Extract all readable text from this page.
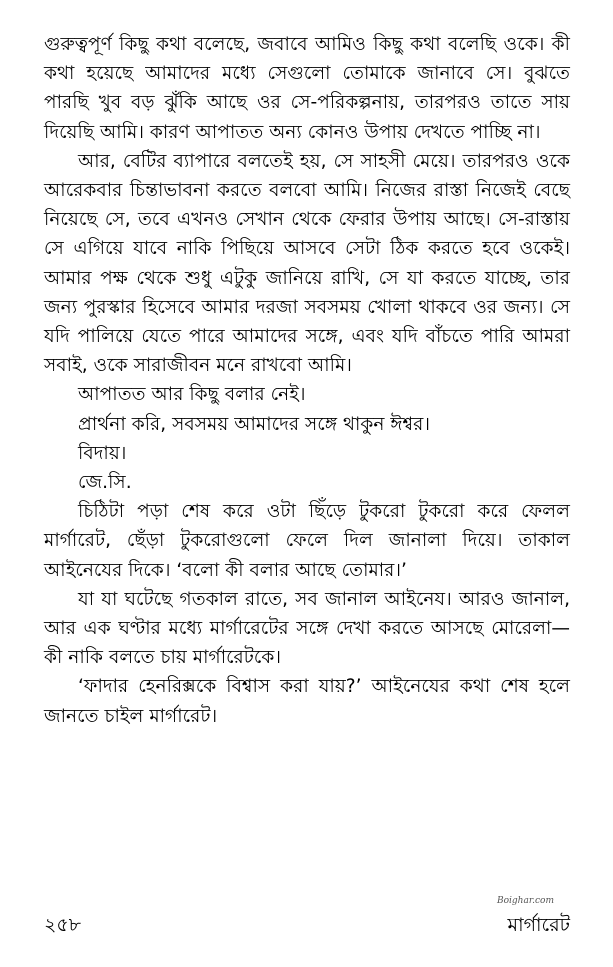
গুরুত্বপূর্ণ কিছু কথা বলেছে, জবাবে আমিও কিছু কথা বলেছি ওকে। কী কথা হয়েছে আমাদের মধ্যে সেগুলো তোমাকে জানাবে সে। বুঝতে পারছি খুব বড় ঝুঁকি আছে ওর সে-পরিকল্পনায়, তারপরও তাতে সায় দিয়েছি আমি। কারণ আপাতত অন্য কোনও উপায় দেখতে পাচ্ছি না।

আর, বেটির ব্যাপারে বলতেই হয়, সে সাহসী মেয়ে। তারপরও ওকে আরেকবার চিন্তাভাবনা করতে বলবো আমি। নিজের রাস্তা নিজেই বেছে নিয়েছে সে, তবে এখনও সেখান থেকে ফেরার উপায় আছে। সে-রাস্তায় সে এগিয়ে যাবে নাকি পিছিয়ে আসবে সেটা ঠিক করতে হবে ওকেই। আমার পক্ষ থেকে শুধু এটুকু জানিয়ে রাখি, সে যা করতে যাচ্ছে, তার জন্য পুরস্কার হিসেবে আমার দরজা সবসময় খোলা থাকবে ওর জন্য। সে যদি পালিয়ে যেতে পারে আমাদের সঙ্গে, এবং যদি বাঁচতে পারি আমরা সবাই, ওকে সারাজীবন মনে রাখবো আমি।

আপাতত আর কিছু বলার নেই।

প্রার্থনা করি, সবসময় আমাদের সঙ্গে থাকুন ঈশ্বর।

বিদায়।

জে.সি.

চিঠিটা পড়া শেষ করে ওটা ছিঁড়ে টুকরো টুকরো করে ফেলল মার্গারেট, ছেঁড়া টুকরোগুলো ফেলে দিল জানালা দিয়ে। তাকাল আইনেযের দিকে। ‘বলো কী বলার আছে তোমার।’

যা যা ঘটেছে গতকাল রাতে, সব জানাল আইনেয। আরও জানাল, আর এক ঘণ্টার মধ্যে মার্গারেটের সঙ্গে দেখা করতে আসছে মোরেলা—কী নাকি বলতে চায় মার্গারেটকে।

‘ফাদার হেনরিক্সকে বিশ্বাস করা যায়?’ আইনেযের কথা শেষ হলে জানতে চাইল মার্গারেট।

Boighar.com
২৫৮	মার্গারেট
